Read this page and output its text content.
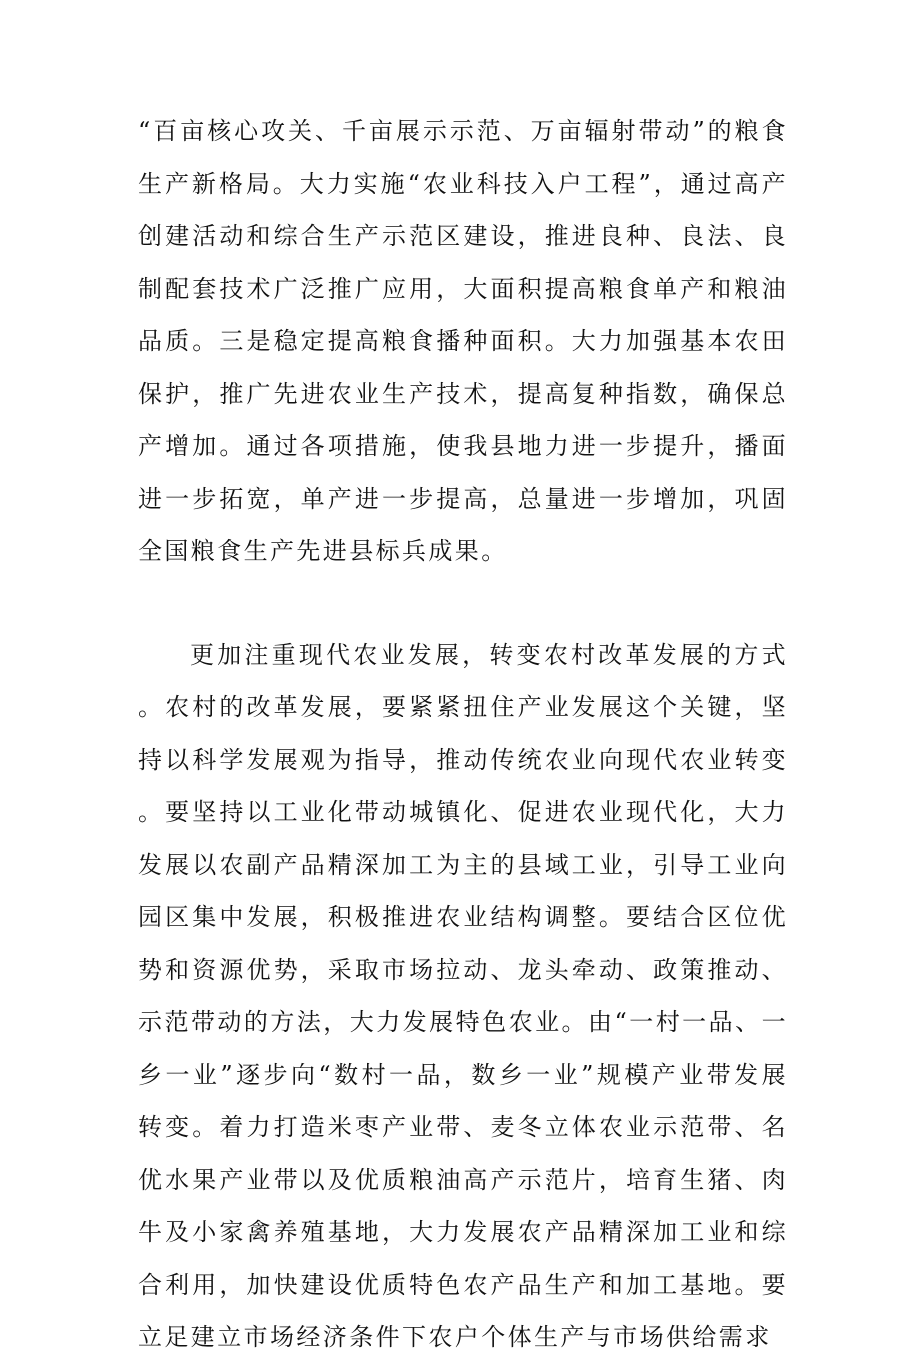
“百亩核心攻关、千亩展示示范、万亩辐射带动”的粮食生产新格局。大力实施“农业科技入户工程”，通过高产创建活动和综合生产示范区建设，推进良种、良法、良制配套技术广泛推广应用，大面积提高粮食单产和粮油品质。三是稳定提高粮食播种面积。大力加强基本农田保护，推广先进农业生产技术，提高复种指数，确保总产增加。通过各项措施，使我县地力进一步提升，播面进一步拓宽，单产进一步提高，总量进一步增加，巩固全国粮食生产先进县标兵成果。

更加注重现代农业发展，转变农村改革发展的方式。农村的改革发展，要紧紧扭住产业发展这个关键，坚持以科学发展观为指导，推动传统农业向现代农业转变。要坚持以工业化带动城镇化、促进农业现代化，大力发展以农副产品精深加工为主的县域工业，引导工业向园区集中发展，积极推进农业结构调整。要结合区位优势和资源优势，采取市场拉动、龙头牵动、政策推动、示范带动的方法，大力发展特色农业。由“一村一品、一乡一业”逐步向“数村一品，数乡一业”规模产业带发展转变。着力打造米枣产业带、麦冬立体农业示范带、名优水果产业带以及优质粮油高产示范片，培育生猪、肉牛及小家禽养殖基地，大力发展农产品精深加工业和综合利用，加快建设优质特色农产品生产和加工基地。要立足建立市场经济条件下农户个体生产与市场供给需求
